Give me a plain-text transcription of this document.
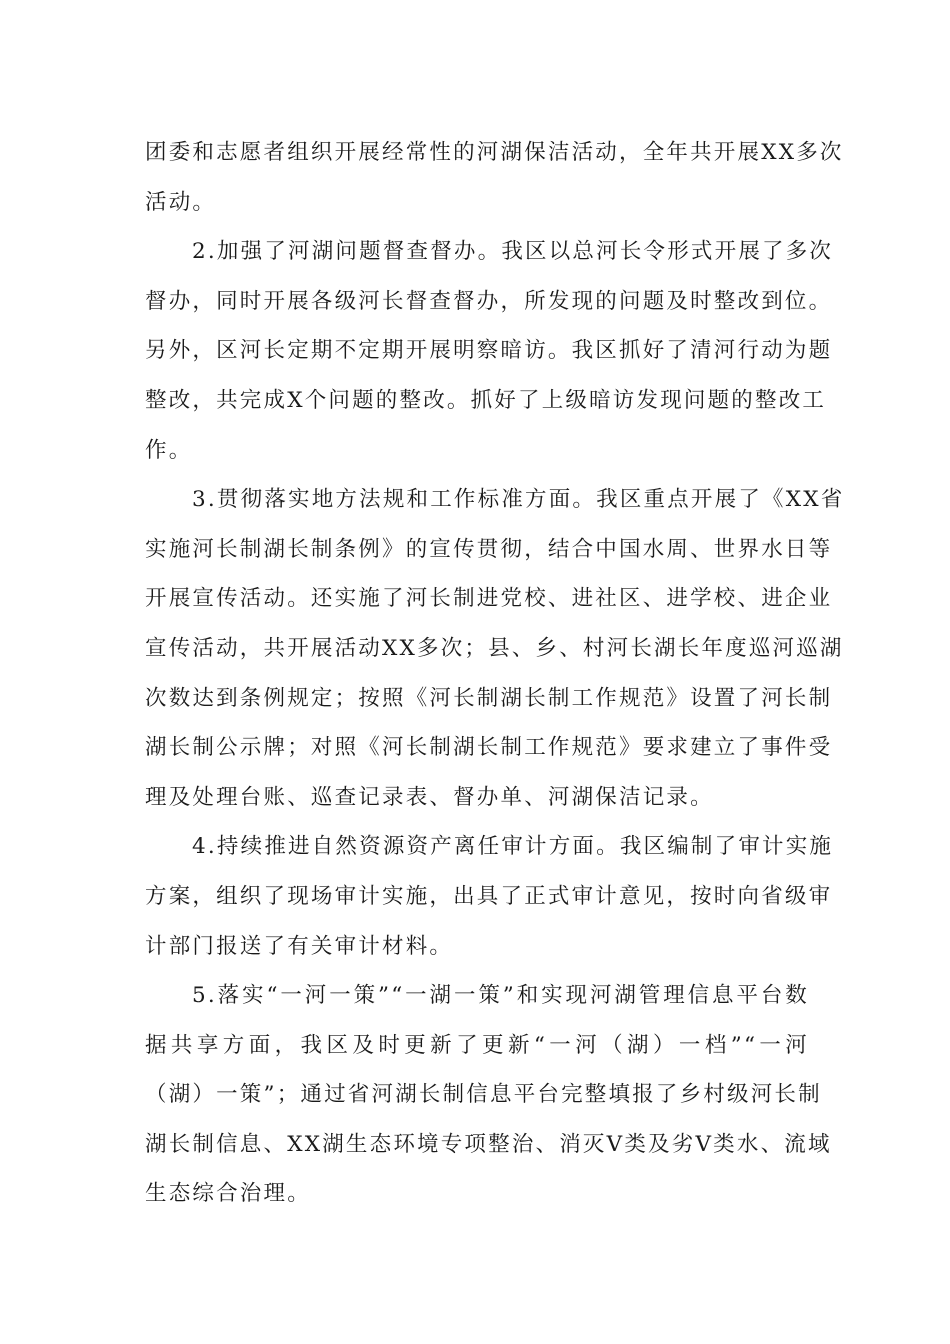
团委和志愿者组织开展经常性的河湖保洁活动，全年共开展XX多次
活动。
2.加强了河湖问题督查督办。我区以总河长令形式开展了多次
督办，同时开展各级河长督查督办，所发现的问题及时整改到位。
另外，区河长定期不定期开展明察暗访。我区抓好了清河行动为题
整改，共完成X个问题的整改。抓好了上级暗访发现问题的整改工
作。
3.贯彻落实地方法规和工作标准方面。我区重点开展了《XX省
实施河长制湖长制条例》的宣传贯彻，结合中国水周、世界水日等
开展宣传活动。还实施了河长制进党校、进社区、进学校、进企业
宣传活动，共开展活动XX多次；县、乡、村河长湖长年度巡河巡湖
次数达到条例规定；按照《河长制湖长制工作规范》设置了河长制
湖长制公示牌；对照《河长制湖长制工作规范》要求建立了事件受
理及处理台账、巡查记录表、督办单、河湖保洁记录。
4.持续推进自然资源资产离任审计方面。我区编制了审计实施
方案，组织了现场审计实施，出具了正式审计意见，按时向省级审
计部门报送了有关审计材料。
5.落实“一河一策”“一湖一策”和实现河湖管理信息平台数
据共享方面，我区及时更新了更新“一河（湖）一档”“一河
（湖）一策”；通过省河湖长制信息平台完整填报了乡村级河长制
湖长制信息、XX湖生态环境专项整治、消灭V类及劣V类水、流域
生态综合治理。
